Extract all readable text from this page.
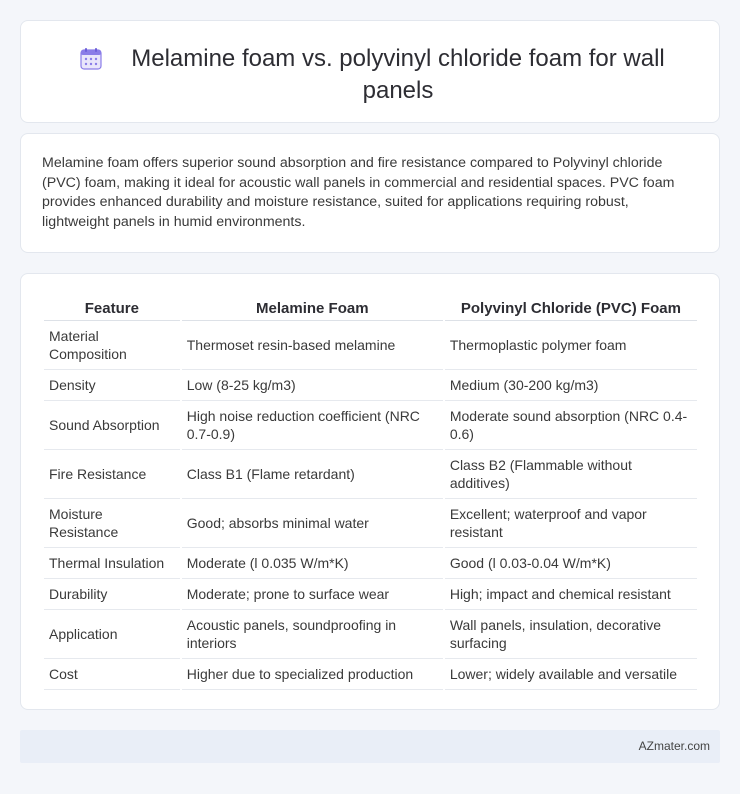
Melamine foam vs. polyvinyl chloride foam for wall panels

Melamine foam offers superior sound absorption and fire resistance compared to Polyvinyl chloride (PVC) foam, making it ideal for acoustic wall panels in commercial and residential spaces. PVC foam provides enhanced durability and moisture resistance, suited for applications requiring robust, lightweight panels in humid environments.

Feature	Melamine Foam	Polyvinyl Chloride (PVC) Foam
Material Composition	Thermoset resin-based melamine	Thermoplastic polymer foam
Density	Low (8-25 kg/m3)	Medium (30-200 kg/m3)
Sound Absorption	High noise reduction coefficient (NRC 0.7-0.9)	Moderate sound absorption (NRC 0.4-0.6)
Fire Resistance	Class B1 (Flame retardant)	Class B2 (Flammable without additives)
Moisture Resistance	Good; absorbs minimal water	Excellent; waterproof and vapor resistant
Thermal Insulation	Moderate (l 0.035 W/m*K)	Good (l 0.03-0.04 W/m*K)
Durability	Moderate; prone to surface wear	High; impact and chemical resistant
Application	Acoustic panels, soundproofing in interiors	Wall panels, insulation, decorative surfacing
Cost	Higher due to specialized production	Lower; widely available and versatile
AZmater.com
